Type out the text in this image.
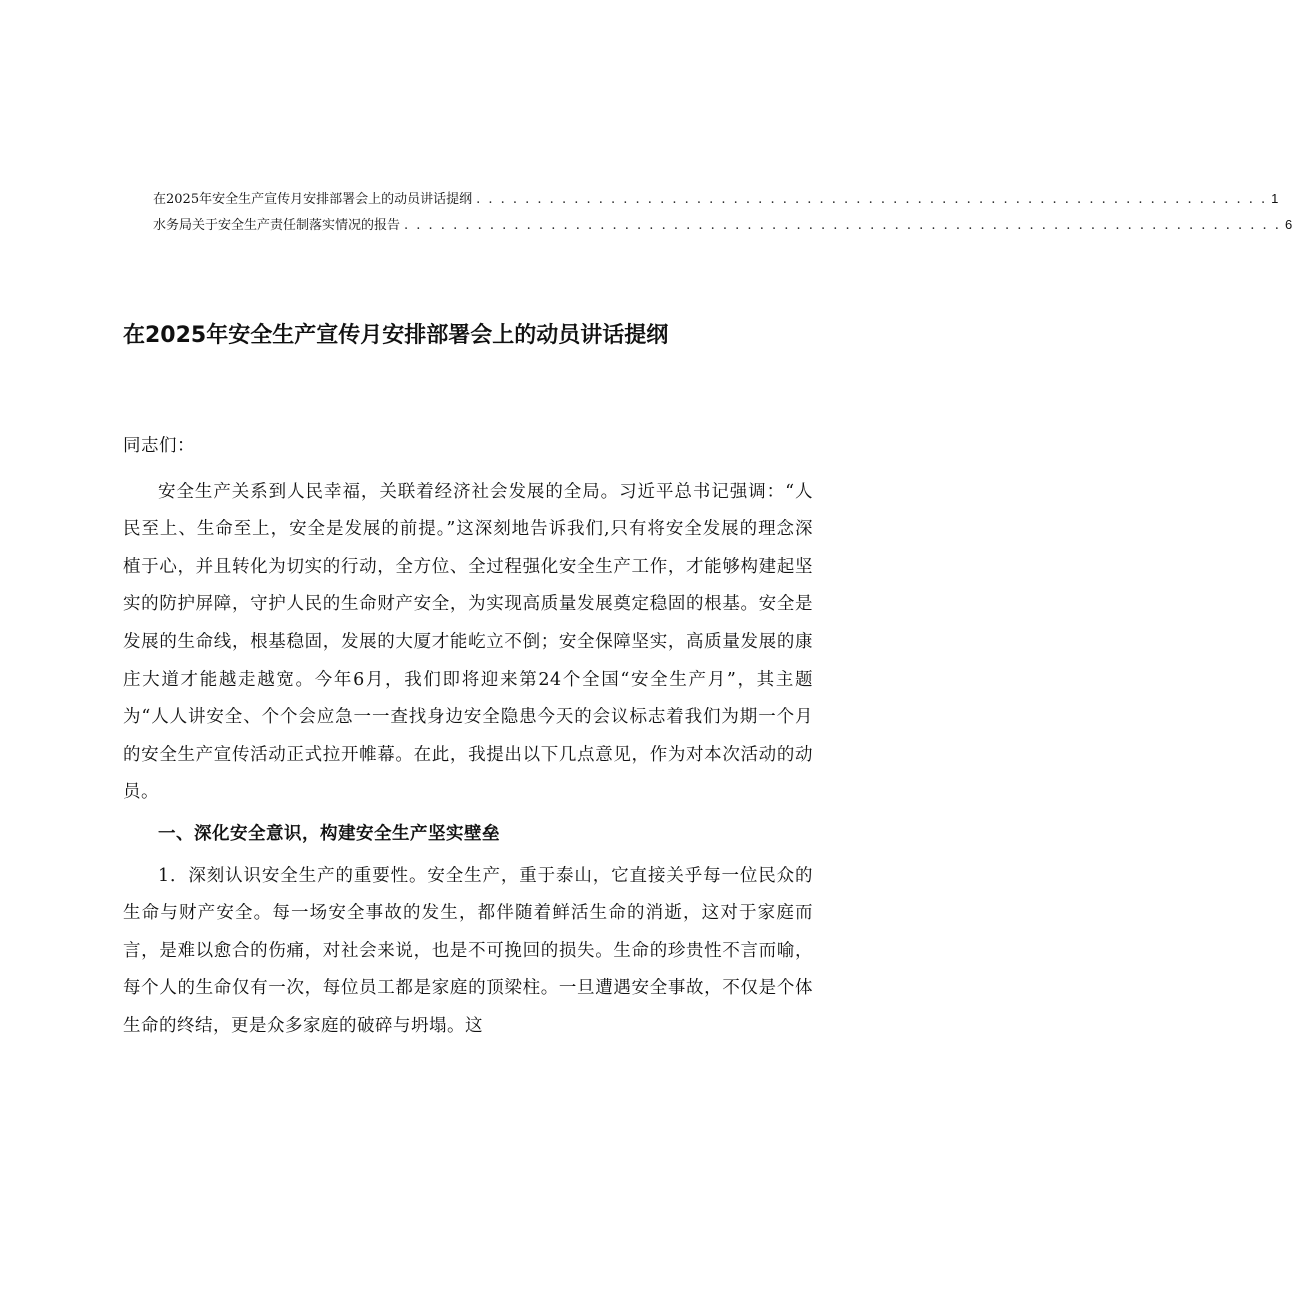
在2025年安全生产宣传月安排部署会上的动员讲话提纲 . . . . . . . . . . . . . . . . . . . . . . . . . . . . . . . . . . . . . . . . . . . . . . . . . . . . . . . . . . . . . . . . . 1
水务局关于安全生产责任制落实情况的报告 . . . . . . . . . . . . . . . . . . . . . . . . . . . . . . . . . . . . . . . . . . . . . . . . . . . . . . . . . . . . . . . . . . . . . . . . 6
在2025年安全生产宣传月安排部署会上的动员讲话提纲
同志们：

安全生产关系到人民幸福，关联着经济社会发展的全局。习近平总书记强调：“人民至上、生命至上，安全是发展的前提。”这深刻地告诉我们,只有将安全发展的理念深植于心，并且转化为切实的行动，全方位、全过程强化安全生产工作，才能够构建起坚实的防护屏障，守护人民的生命财产安全，为实现高质量发展奠定稳固的根基。安全是发展的生命线，根基稳固，发展的大厦才能屹立不倒；安全保障坚实，高质量发展的康庄大道才能越走越宽。今年6月，我们即将迎来第24个全国“安全生产月”，其主题为“人人讲安全、个个会应急一一查找身边安全隐患今天的会议标志着我们为期一个月的安全生产宣传活动正式拉开帷幕。在此，我提出以下几点意见，作为对本次活动的动员。

一、深化安全意识，构建安全生产坚实壁垒

1．深刻认识安全生产的重要性。安全生产，重于泰山，它直接关乎每一位民众的生命与财产安全。每一场安全事故的发生，都伴随着鲜活生命的消逝，这对于家庭而言，是难以愈合的伤痛，对社会来说，也是不可挽回的损失。生命的珍贵性不言而喻，每个人的生命仅有一次，每位员工都是家庭的顶梁柱。一旦遭遇安全事故，不仅是个体生命的终结，更是众多家庭的破碎与坍塌。这
